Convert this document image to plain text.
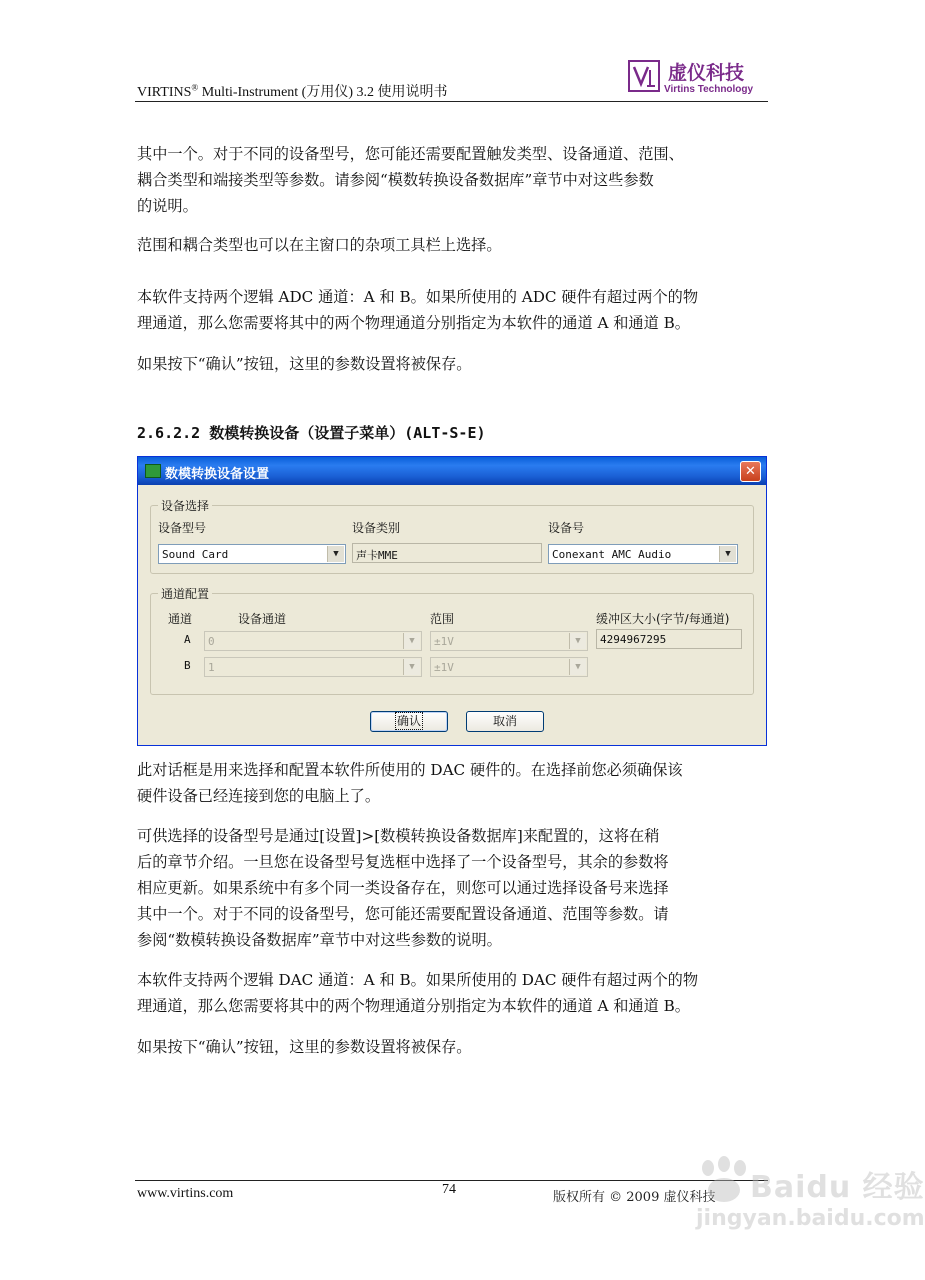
VIRTINS® Multi-Instrument (万用仪) 3.2 使用说明书
虚仪科技
Virtins Technology
其中一个。对于不同的设备型号，您可能还需要配置触发类型、设备通道、范围、
耦合类型和端接类型等参数。请参阅“模数转换设备数据库”章节中对这些参数
的说明。
范围和耦合类型也可以在主窗口的杂项工具栏上选择。
本软件支持两个逻辑 ADC 通道：A 和 B。如果所使用的 ADC 硬件有超过两个的物
理通道，那么您需要将其中的两个物理通道分别指定为本软件的通道 A 和通道 B。
如果按下“确认”按钮，这里的参数设置将被保存。
2.6.2.2 数模转换设备（设置子菜单）(ALT-S-E)
数模转换设备设置	✕
设备选择
设备型号	设备类别	设备号
Sound Card	▼	声卡MME	Conexant AMC Audio	▼
通道配置
通道	设备通道	范围	缓冲区大小(字节/每通道)
A 0	▼	±1V	▼	4294967295
B 1	▼	±1V	▼
确认	取消
此对话框是用来选择和配置本软件所使用的 DAC 硬件的。在选择前您必须确保该
硬件设备已经连接到您的电脑上了。
可供选择的设备型号是通过[设置]>[数模转换设备数据库]来配置的，这将在稍
后的章节介绍。一旦您在设备型号复选框中选择了一个设备型号，其余的参数将
相应更新。如果系统中有多个同一类设备存在，则您可以通过选择设备号来选择
其中一个。对于不同的设备型号，您可能还需要配置设备通道、范围等参数。请
参阅“数模转换设备数据库”章节中对这些参数的说明。
本软件支持两个逻辑 DAC 通道：A 和 B。如果所使用的 DAC 硬件有超过两个的物
理通道，那么您需要将其中的两个物理通道分别指定为本软件的通道 A 和通道 B。
如果按下“确认”按钮，这里的参数设置将被保存。
www.virtins.com	74
版权所有 © 2009 虚仪科技 Baidu 经验
jingyan.baidu.com
